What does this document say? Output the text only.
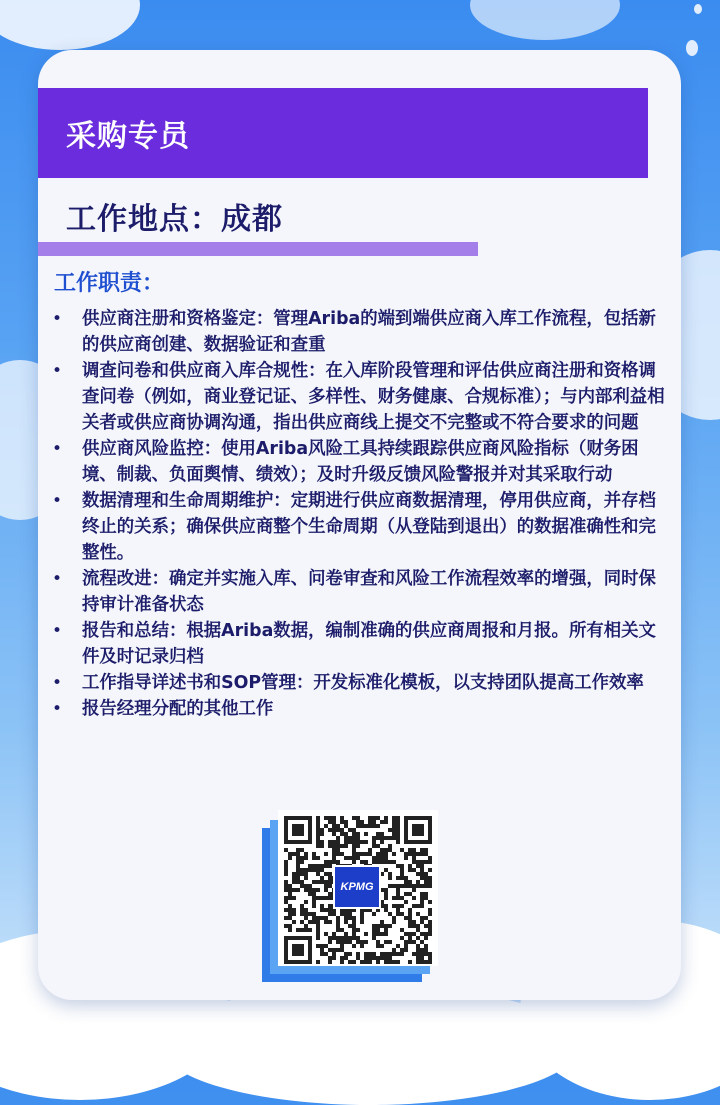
采购专员
工作地点：成都
工作职责：
•	供应商注册和资格鉴定：管理Ariba的端到端供应商入库工作流程，包括新的供应商创建、数据验证和查重
•	调查问卷和供应商入库合规性：在入库阶段管理和评估供应商注册和资格调查问卷（例如，商业登记证、多样性、财务健康、合规标准）；与内部利益相关者或供应商协调沟通，指出供应商线上提交不完整或不符合要求的问题
•	供应商风险监控：使用Ariba风险工具持续跟踪供应商风险指标（财务困境、制裁、负面舆情、绩效）；及时升级反馈风险警报并对其采取行动
•	数据清理和生命周期维护：定期进行供应商数据清理，停用供应商，并存档终止的关系；确保供应商整个生命周期（从登陆到退出）的数据准确性和完整性。
•	流程改进：确定并实施入库、问卷审查和风险工作流程效率的增强，同时保持审计准备状态
•	报告和总结：根据Ariba数据，编制准确的供应商周报和月报。所有相关文件及时记录归档
•	工作指导详述书和SOP管理：开发标准化模板，以支持团队提高工作效率
•	报告经理分配的其他工作
KPMG
